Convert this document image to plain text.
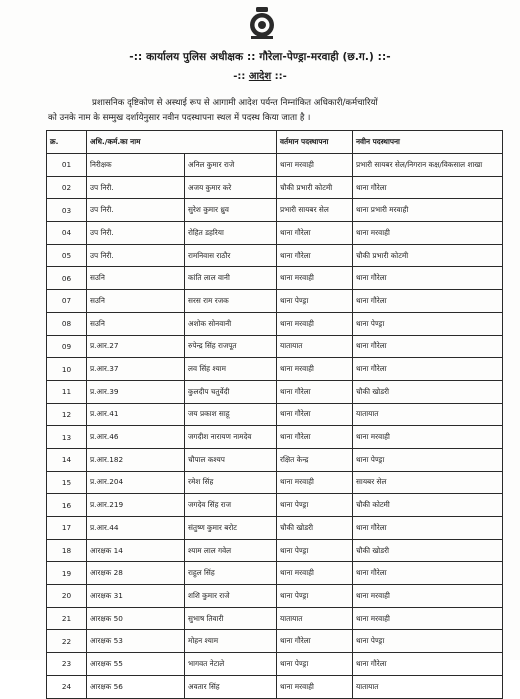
-:: कार्यालय पुलिस अधीक्षक :: गौरेला-पेण्ड्रा-मरवाही (छ.ग.) ::-
-:: आदेश ::-
प्रशासनिक दृष्टिकोण से अस्थाई रूप से आगामी आदेश पर्यन्त निम्नांकित अधिकारी/कर्मचारियों
को उनके नाम के सम्मुख दर्शायेनुसार नवीन पदस्थापना स्थल में पदस्थ किया जाता है ।
क्र.	अधि./कर्म.का नाम		वर्तमान पदस्थापना	नवीन पदस्थापना
01	निरीक्षक	अनिल कुमार राजे	थाना मरवाही	प्रभारी सायबर सेल/निगरान कक्ष/विकसाल शाखा
02	उप निरी.	अजय कुमार करे	चौकी प्रभारी कोटमी	थाना गौरेला
03	उप निरी.	सुरेश कुमार ध्रुव	प्रभारी सायबर सेल	थाना प्रभारी मरवाही
04	उप निरी.	रोहित डहरिया	थाना गौरेला	थाना मरवाही
05	उप निरी.	रामनिवास राठौर	थाना गौरेला	चौकी प्रभारी कोटमी
06	सउनि	कांति लाल वानी	थाना मरवाही	थाना गौरेला
07	सउनि	सरस राम रजक	थाना पेण्ड्रा	थाना गौरेला
08	सउनि	अशोक सोनवानी	थाना मरवाही	थाना पेण्ड्रा
09	प्र.आर.27	रुपेन्द्र सिंह राजपूत	यातायात	थाना गौरेला
10	प्र.आर.37	लव सिंह श्याम	थाना मरवाही	थाना गौरेला
11	प्र.आर.39	कुलदीप चतुर्वेदी	थाना गौरेला	चौकी खोडरी
12	प्र.आर.41	जय प्रकाश साहू	थाना गौरेला	यातायात
13	प्र.आर.46	जगदीश नारायण नामदेव	थाना गौरेला	थाना मरवाही
14	प्र.आर.182	चौपाल कश्यप	रक्षित केन्द्र	थाना पेण्ड्रा
15	प्र.आर.204	रमेश सिंह	थाना मरवाही	सायबर सेल
16	प्र.आर.219	जगदेव सिंह राज	थाना पेण्ड्रा	चौकी कोटमी
17	प्र.आर.44	संतुष्ण कुमार बरोट	चौकी खोडरी	थाना गौरेला
18	आरक्षक 14	श्याम लाल गवेल	थाना पेण्ड्रा	चौकी खोडरी
19	आरक्षक 28	राहुल सिंह	थाना मरवाही	थाना गौरेला
20	आरक्षक 31	शशि कुमार राजे	थाना पेण्ड्रा	थाना मरवाही
21	आरक्षक 50	सुभाष तिवारी	यातायात	थाना मरवाही
22	आरक्षक 53	मोहन श्याम	थाना गौरेला	थाना पेण्ड्रा
23	आरक्षक 55	भागवत नेटाले	थाना पेण्ड्रा	थाना गौरेला
24	आरक्षक 56	अवतार सिंह	थाना मरवाही	यातायात
